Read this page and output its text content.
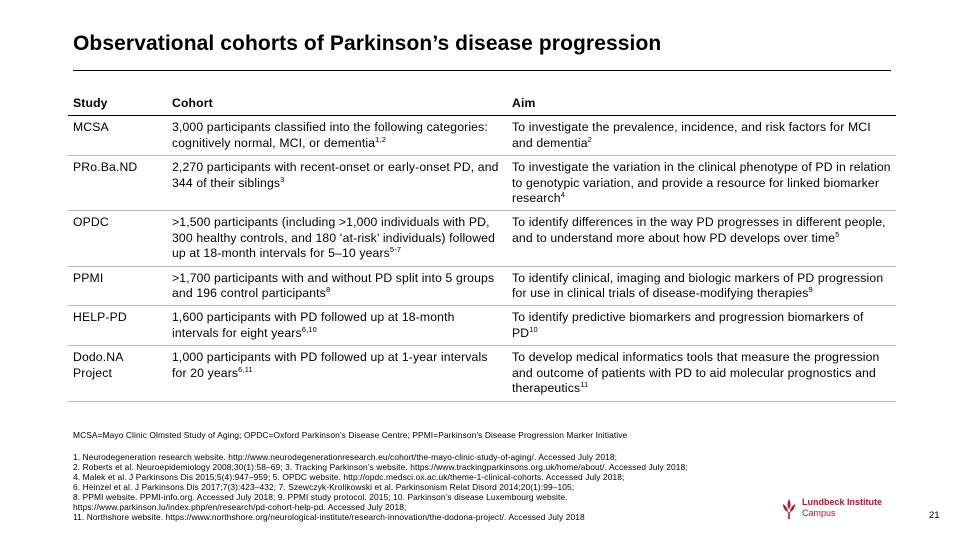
Observational cohorts of Parkinson’s disease progression
Study	Cohort	Aim
MCSA	3,000 participants classified into the following categories: cognitively normal, MCI, or dementia$^{1,2}$	To investigate the prevalence, incidence, and risk factors for MCI and dementia$^2$
PRo.Ba.ND	2,270 participants with recent-onset or early-onset PD, and 344 of their siblings$^3$	To investigate the variation in the clinical phenotype of PD in relation to genotypic variation, and provide a resource for linked biomarker research$^4$
OPDC	>1,500 participants (including >1,000 individuals with PD, 300 healthy controls, and 180 ‘at-risk’ individuals) followed up at 18-month intervals for 5–10 years$^{5-7}$	To identify differences in the way PD progresses in different people, and to understand more about how PD develops over time$^5$
PPMI	>1,700 participants with and without PD split into 5 groups and 196 control participants$^8$	To identify clinical, imaging and biologic markers of PD progression for use in clinical trials of disease-modifying therapies$^9$
HELP-PD	1,600 participants with PD followed up at 18-month intervals for eight years$^{6,10}$	To identify predictive biomarkers and progression biomarkers of PD$^{10}$
Dodo.NA Project	1,000 participants with PD followed up at 1-year intervals for 20 years$^{6,11}$	To develop medical informatics tools that measure the progression and outcome of patients with PD to aid molecular prognostics and therapeutics$^{11}$
MCSA=Mayo Clinic Olmsted Study of Aging; OPDC=Oxford Parkinson’s Disease Centre; PPMI=Parkinson’s Disease Progression Marker Initiative
1. Neurodegeneration research website. http://www.neurodegenerationresearch.eu/cohort/the-mayo-clinic-study-of-aging/. Accessed July 2018;
2. Roberts et al. Neuroepidemiology 2008;30(1):58–69; 3. Tracking Parkinson’s website. https://www.trackingparkinsons.org.uk/home/about/. Accessed July 2018;
4. Malek et al. J Parkinsons Dis 2015;5(4):947–959; 5. OPDC website. http://opdc.medsci.ox.ac.uk/theme-1-clinical-cohorts. Accessed July 2018;
6. Heinzel et al. J Parkinsons Dis 2017;7(3):423–432; 7. Szewczyk-Krolikowski et al. Parkinsonism Relat Disord 2014;20(1):99–105;
8. PPMI website. PPMI-info.org. Accessed July 2018; 9. PPMI study protocol. 2015; 10. Parkinson’s disease Luxembourg website.
https://www.parkinson.lu/index.php/en/research/pd-cohort-help-pd. Accessed July 2018;
11. Northshore website. https://www.northshore.org/neurological-institute/research-innovation/the-dodona-project/. Accessed July 2018
Lundbeck Institute
Campus	21
